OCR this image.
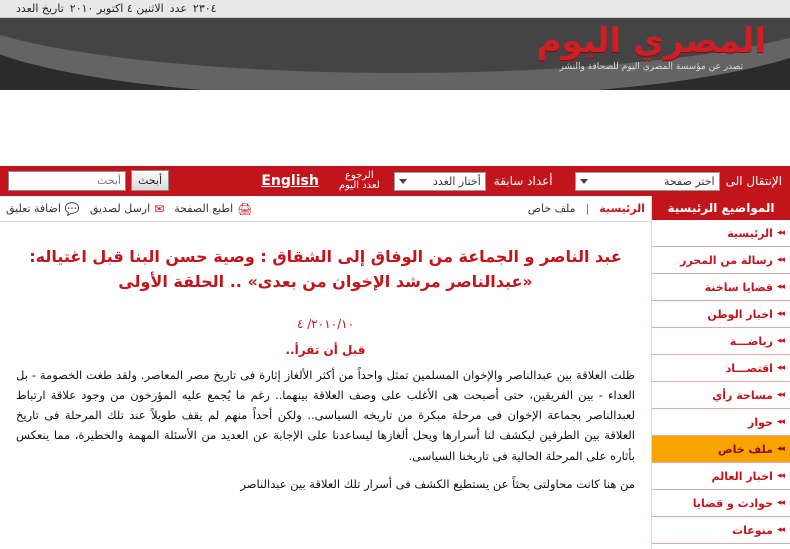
٢٣٠٤
عدد
الاثنين ٤ اكتوبر ٢٠١٠
تاريخ العدد
المصري اليوم
تصدر عن مؤسسة المصري اليوم للصحافة والنشر
الإنتقال الى
اختر صفحة
أعداد سابقة
أختار العدد
الرجوع
لعدد اليوم
English
أبحث
أبحث
المواضيع الرئيسية
◂◂
الرئيسية
◂◂
رسالة من المحرر
◂◂
قضايا ساخنة
◂◂
اخبار الوطن
◂◂
رياضـــة
◂◂
اقتصـــاد
◂◂
مساحة رأي
◂◂
حوار
◂◂
ملف خاص
◂◂
اخبار العالم
◂◂
حوادث و قضايا
◂◂
منوعات
الرئيسية
|
ملف خاص
🖨
اطبع الصفحة
✉
ارسل لصديق
💬
اضافة تعليق
عبد الناصر و الجماعة من الوفاق إلى الشقاق : وصية حسن البنا قبل اغتياله: «عبدالناصر مرشد الإخوان من بعدى» .. الحلقة الأولى
٢٠١٠/١٠/ ٤
قبل أن تقرأ..

ظلت العلاقة بين عبدالناصر والإخوان المسلمين تمثل واحداً من أكثر الألغاز إثارة فى تاريخ مصر المعاصر. ولقد طغت الخصومة - بل العداء - بين الفريقين، حتى أصبحت هى الأغلب على وصف العلاقة بينهما.. رغم ما يُجمع عليه المؤرخون من وجود علاقة ارتباط لعبدالناصر بجماعة الإخوان فى مرحلة مبكرة من تاريخه السياسى.. ولكن أحداً منهم لم يقف طويلاً عند تلك المرحلة فى تاريخ العلاقة بين الطرفين ليكشف لنا أسرارها ويحل ألغازها ليساعدنا على الإجابة عن العديد من الأسئلة المهمة والخطيرة، مما ينعكس بأثاره على المرحلة الحالية فى تاريخنا السياسى.

من هنا كانت محاولتى بحثاً عن يستطيع الكشف فى أسرار تلك العلاقة بين عبدالناصر
